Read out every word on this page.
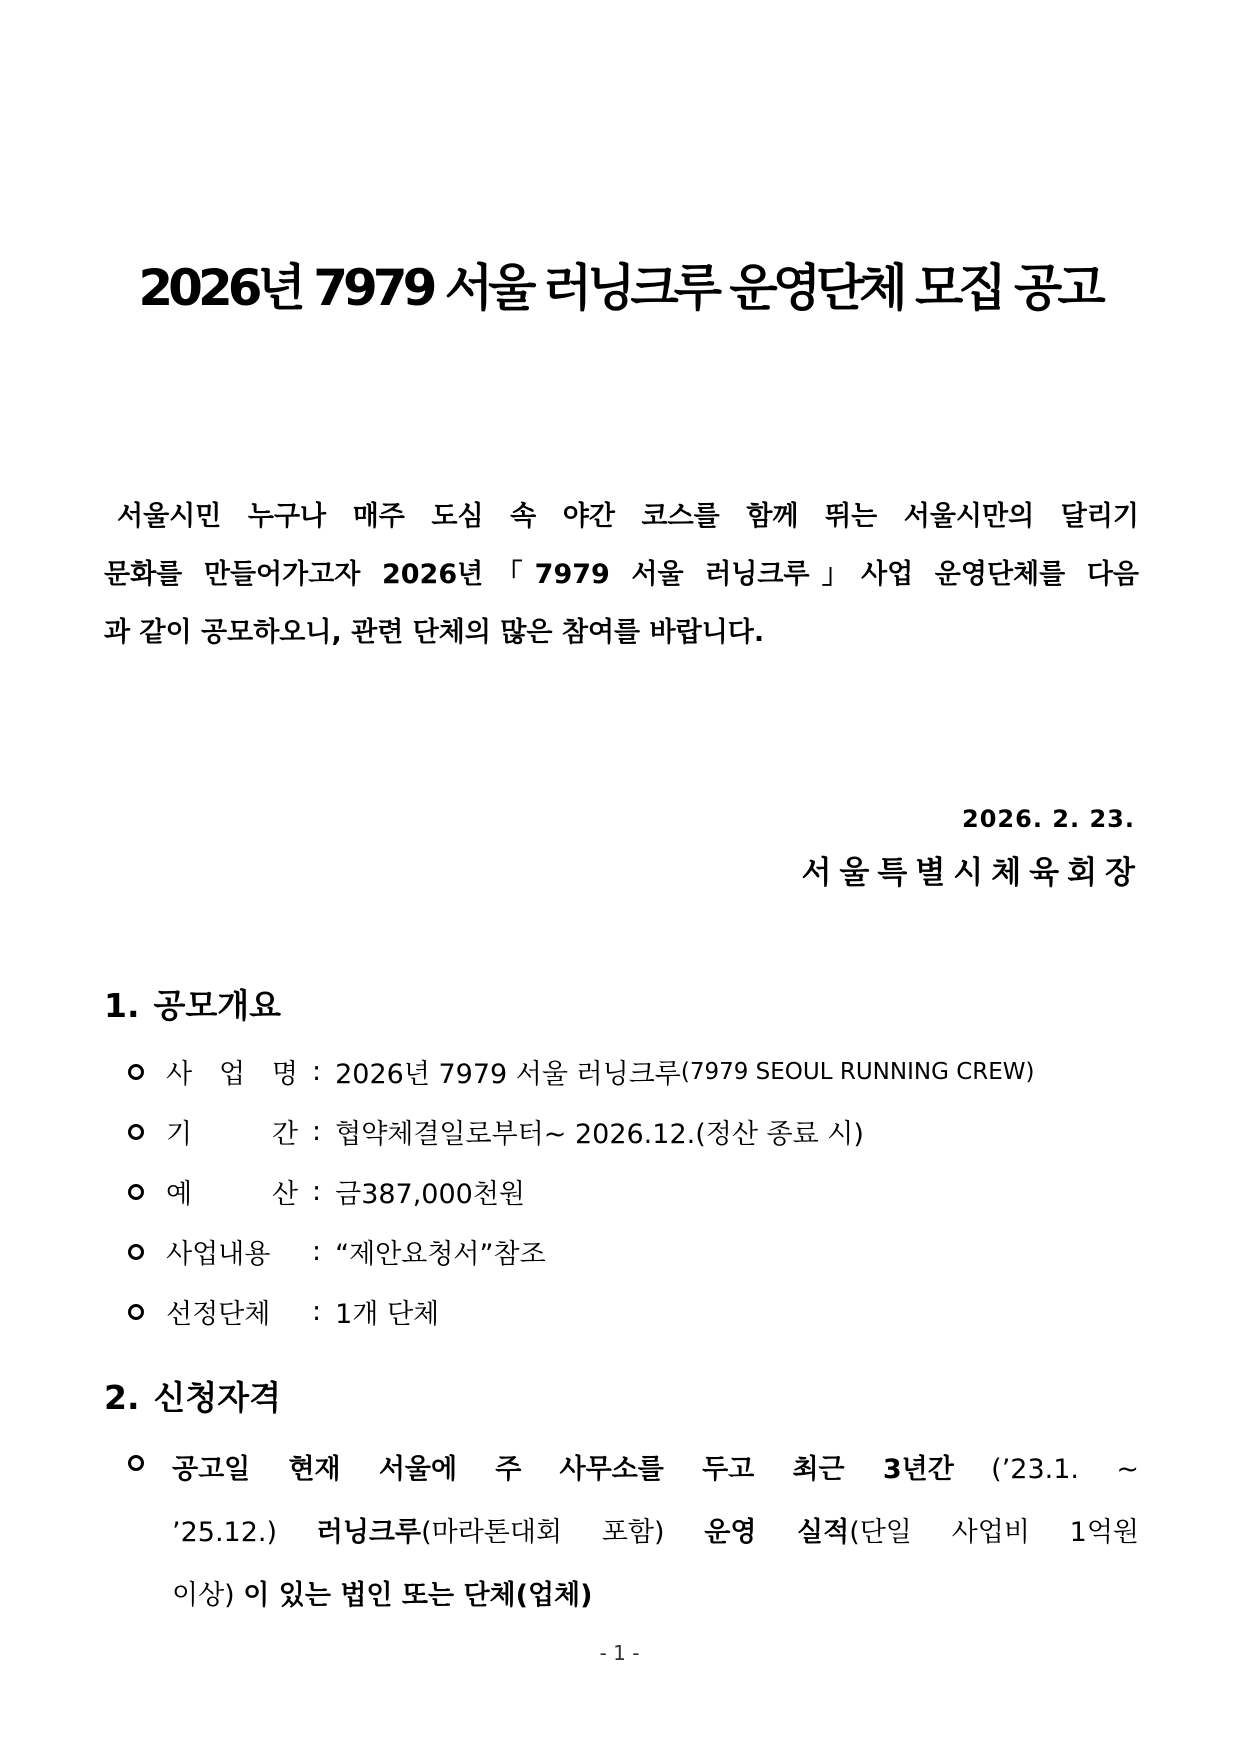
2026년 7979 서울 러닝크루 운영단체 모집 공고
서울시민 누구나 매주 도심 속 야간 코스를 함께 뛰는 서울시만의 달리기
문화를 만들어가고자 2026년「7979 서울 러닝크루」사업 운영단체를 다음
과 같이 공모하오니, 관련 단체의 많은 참여를 바랍니다.
2026. 2. 23.
서울특별시체육회장
1. 공모개요
사 업 명 : 2026년 7979 서울 러닝크루 (7979 SEOUL RUNNING CREW)
기 간 : 협약체결일로부터~ 2026.12.(정산 종료 시)
예 산 : 금387,000천원
사업내용	: “제안요청서”참조
선정단체	: 1개 단체
2. 신청자격
공고일 현재 서울에 주 사무소를 두고 최근 3년간 (’23.1. ~
’25.12.) 러닝크루(마라톤대회 포함) 운영 실적(단일 사업비 1억원
이상) 이 있는 법인 또는 단체(업체)
- 1 -
